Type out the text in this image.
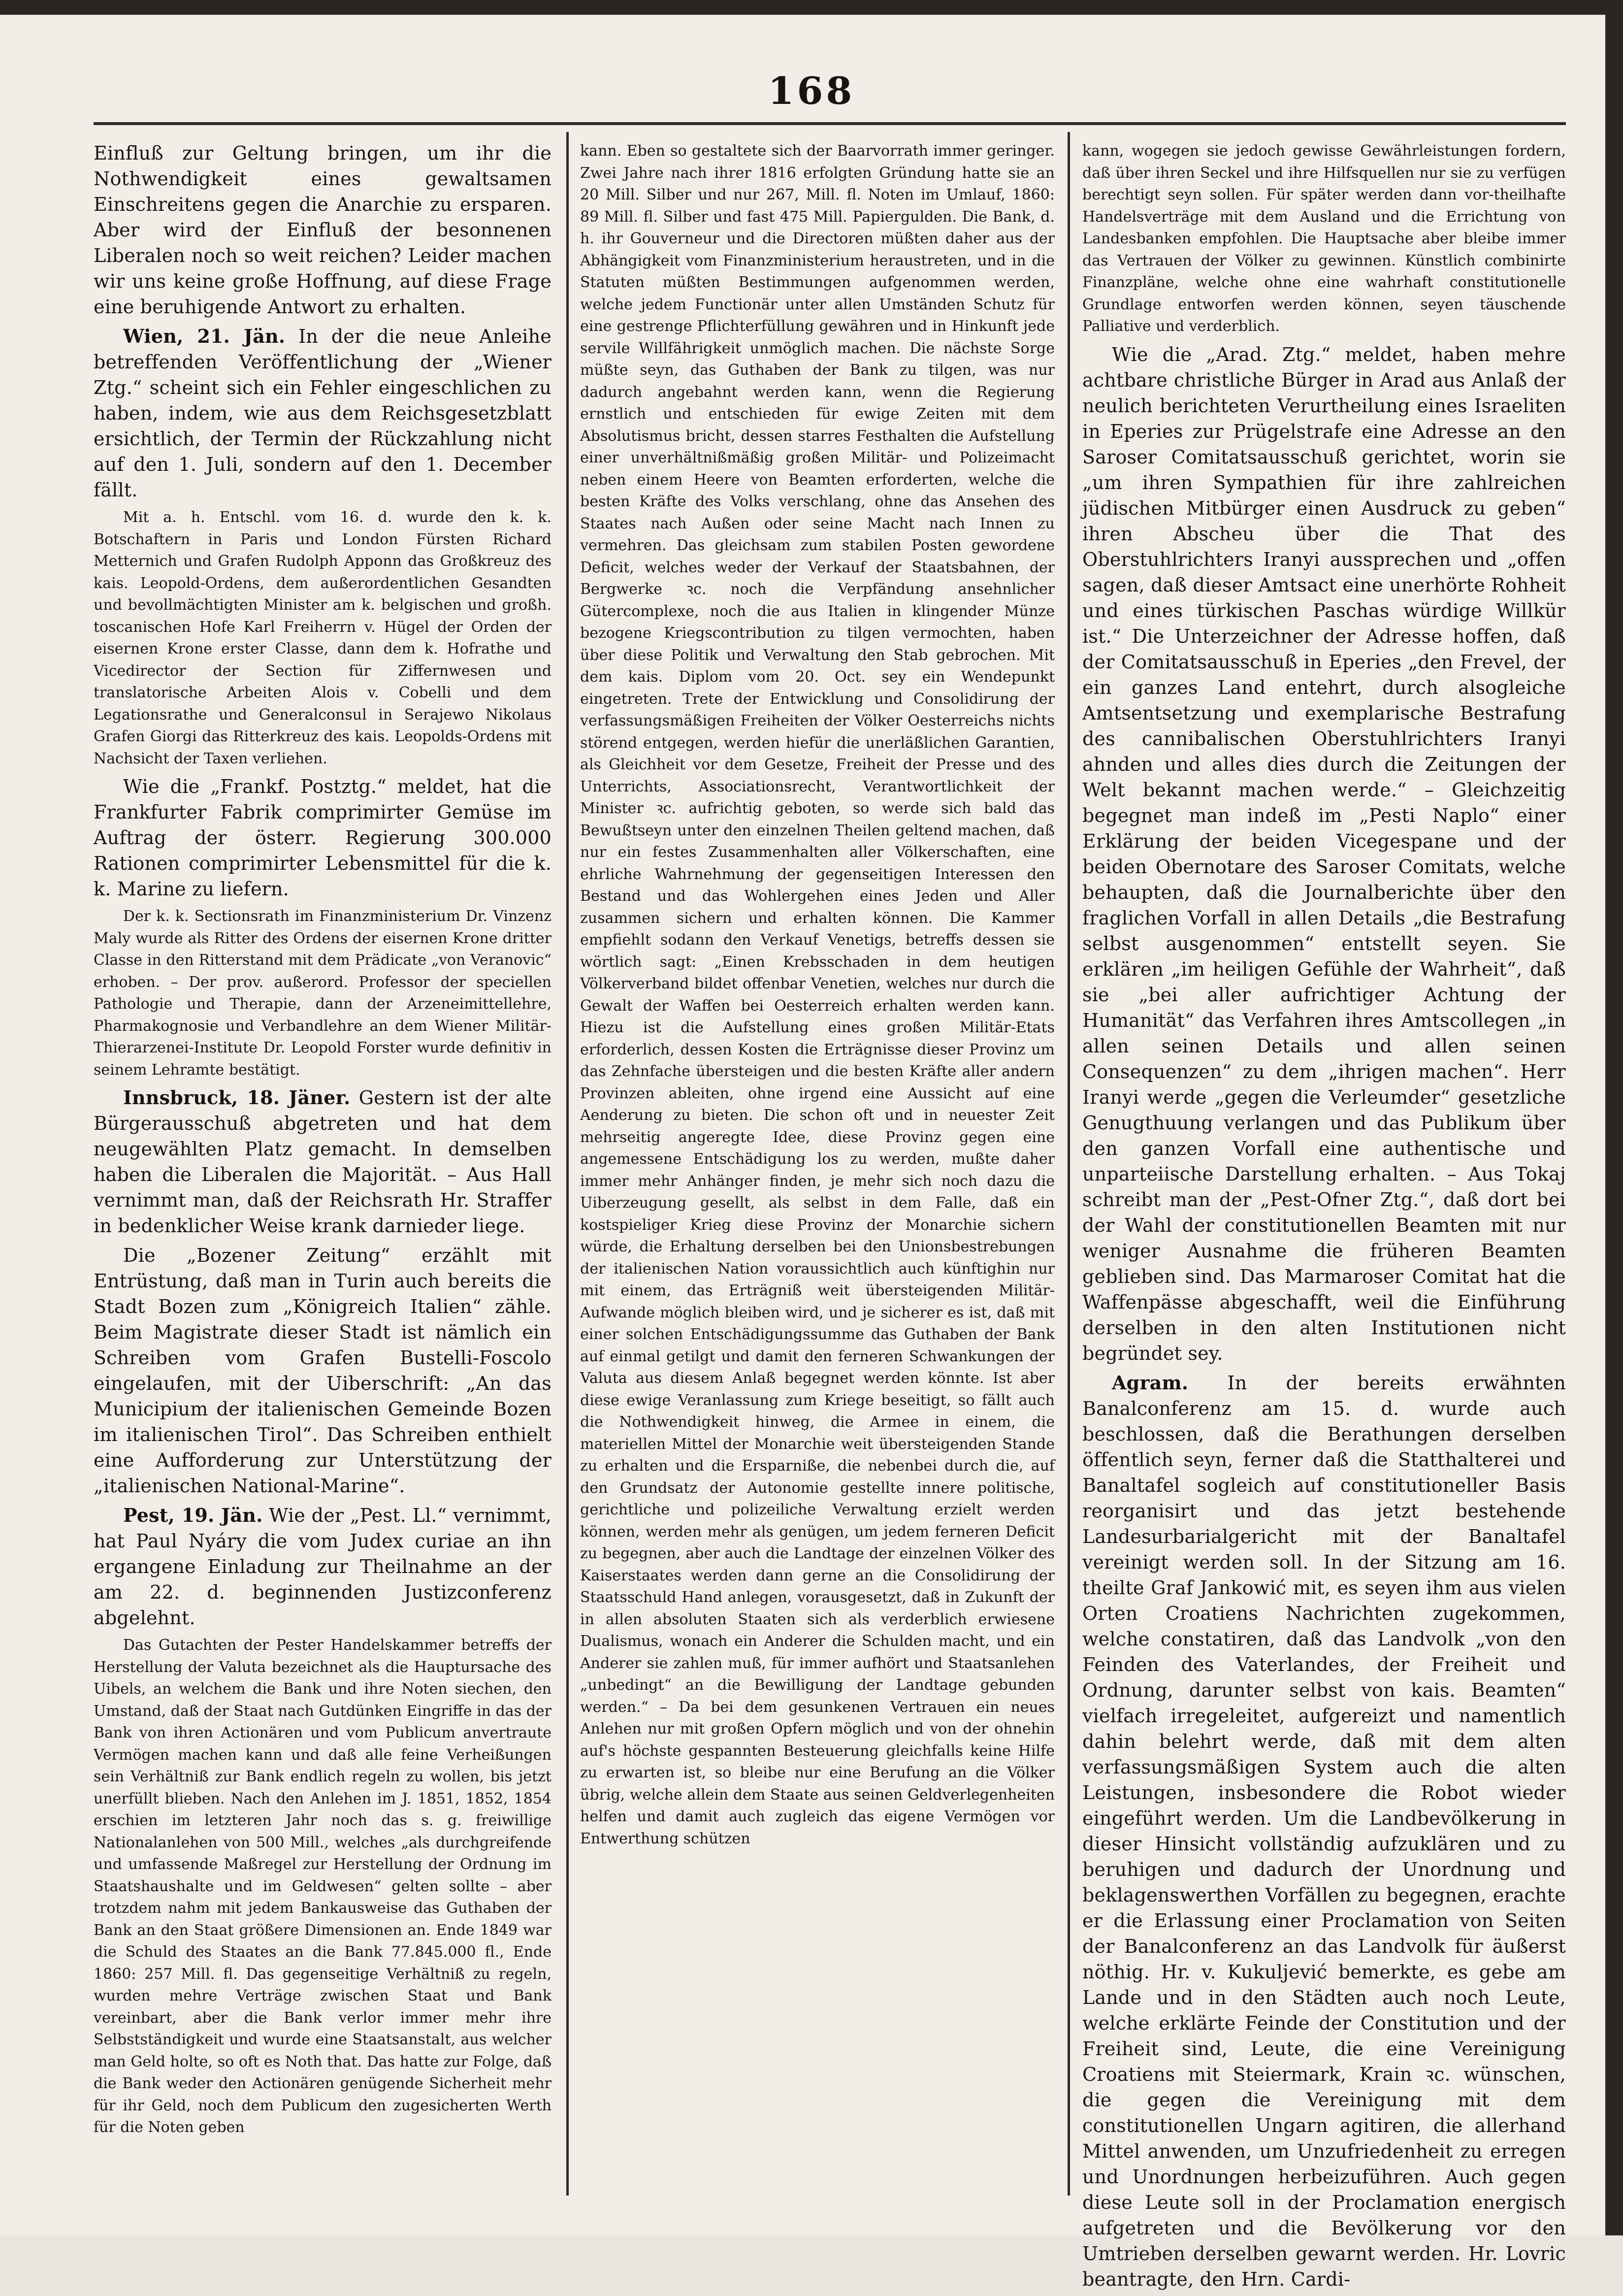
168

Einfluß zur Geltung bringen, um ihr die Nothwendigkeit eines gewaltsamen Einschreitens gegen die Anarchie zu ersparen. Aber wird der Einfluß der besonnenen Liberalen noch so weit reichen? Leider machen wir uns keine große Hoffnung, auf diese Frage eine beruhigende Antwort zu erhalten.

Wien, 21. Jän. In der die neue Anleihe betreffenden Veröffentlichung der „Wiener Ztg.“ scheint sich ein Fehler eingeschlichen zu haben, indem, wie aus dem Reichsgesetzblatt ersichtlich, der Termin der Rückzahlung nicht auf den 1. Juli, sondern auf den 1. December fällt.

Mit a. h. Entschl. vom 16. d. wurde den k. k. Botschaftern in Paris und London Fürsten Richard Metternich und Grafen Rudolph Apponn das Großkreuz des kais. Leopold-Ordens, dem außerordentlichen Gesandten und bevollmächtigten Minister am k. belgischen und großh. toscanischen Hofe Karl Freiherrn v. Hügel der Orden der eisernen Krone erster Classe, dann dem k. Hofrathe und Vicedirector der Section für Ziffernwesen und translatorische Arbeiten Alois v. Cobelli und dem Legationsrathe und Generalconsul in Serajewo Nikolaus Grafen Giorgi das Ritterkreuz des kais. Leopolds-Ordens mit Nachsicht der Taxen verliehen.

Wie die „Frankf. Postztg.“ meldet, hat die Frankfurter Fabrik comprimirter Gemüse im Auftrag der österr. Regierung 300.000 Rationen comprimirter Lebensmittel für die k. k. Marine zu liefern.

Der k. k. Sectionsrath im Finanzministerium Dr. Vinzenz Maly wurde als Ritter des Ordens der eisernen Krone dritter Classe in den Ritterstand mit dem Prädicate „von Veranovic“ erhoben. – Der prov. außerord. Professor der speciellen Pathologie und Therapie, dann der Arzeneimittellehre, Pharmakognosie und Verbandlehre an dem Wiener Militär-Thierarzenei-Institute Dr. Leopold Forster wurde definitiv in seinem Lehramte bestätigt.

Innsbruck, 18. Jäner. Gestern ist der alte Bürgerausschuß abgetreten und hat dem neugewählten Platz gemacht. In demselben haben die Liberalen die Majorität. – Aus Hall vernimmt man, daß der Reichsrath Hr. Straffer in bedenklicher Weise krank darnieder liege.

Die „Bozener Zeitung“ erzählt mit Entrüstung, daß man in Turin auch bereits die Stadt Bozen zum „Königreich Italien“ zähle. Beim Magistrate dieser Stadt ist nämlich ein Schreiben vom Grafen Bustelli-Foscolo eingelaufen, mit der Uiberschrift: „An das Municipium der italienischen Gemeinde Bozen im italienischen Tirol“. Das Schreiben enthielt eine Aufforderung zur Unterstützung der „italienischen National-Marine“.

Pest, 19. Jän. Wie der „Pest. Ll.“ vernimmt, hat Paul Nyáry die vom Judex curiae an ihn ergangene Einladung zur Theilnahme an der am 22. d. beginnenden Justizconferenz abgelehnt.

Das Gutachten der Pester Handelskammer betreffs der Herstellung der Valuta bezeichnet als die Hauptursache des Uibels, an welchem die Bank und ihre Noten siechen, den Umstand, daß der Staat nach Gutdünken Eingriffe in das der Bank von ihren Actionären und vom Publicum anvertraute Vermögen machen kann und daß alle feine Verheißungen sein Verhältniß zur Bank endlich regeln zu wollen, bis jetzt unerfüllt blieben. Nach den Anlehen im J. 1851, 1852, 1854 erschien im letzteren Jahr noch das s. g. freiwillige Nationalanlehen von 500 Mill., welches „als durchgreifende und umfassende Maßregel zur Herstellung der Ordnung im Staatshaushalte und im Geldwesen“ gelten sollte – aber trotzdem nahm mit jedem Bankausweise das Guthaben der Bank an den Staat größere Dimensionen an. Ende 1849 war die Schuld des Staates an die Bank 77.845.000 fl., Ende 1860: 257 Mill. fl. Das gegenseitige Verhältniß zu regeln, wurden mehre Verträge zwischen Staat und Bank vereinbart, aber die Bank verlor immer mehr ihre Selbstständigkeit und wurde eine Staatsanstalt, aus welcher man Geld holte, so oft es Noth that. Das hatte zur Folge, daß die Bank weder den Actionären genügende Sicherheit mehr für ihr Geld, noch dem Publicum den zugesicherten Werth für die Noten geben

kann. Eben so gestaltete sich der Baarvorrath immer geringer. Zwei Jahre nach ihrer 1816 erfolgten Gründung hatte sie an 20 Mill. Silber und nur 267, Mill. fl. Noten im Umlauf, 1860: 89 Mill. fl. Silber und fast 475 Mill. Papiergulden. Die Bank, d. h. ihr Gouverneur und die Directoren müßten daher aus der Abhängigkeit vom Finanzministerium heraustreten, und in die Statuten müßten Bestimmungen aufgenommen werden, welche jedem Functionär unter allen Umständen Schutz für eine gestrenge Pflichterfüllung gewähren und in Hinkunft jede servile Willfährigkeit unmöglich machen. Die nächste Sorge müßte seyn, das Guthaben der Bank zu tilgen, was nur dadurch angebahnt werden kann, wenn die Regierung ernstlich und entschieden für ewige Zeiten mit dem Absolutismus bricht, dessen starres Festhalten die Aufstellung einer unverhältnißmäßig großen Militär- und Polizeimacht neben einem Heere von Beamten erforderten, welche die besten Kräfte des Volks verschlang, ohne das Ansehen des Staates nach Außen oder seine Macht nach Innen zu vermehren. Das gleichsam zum stabilen Posten gewordene Deficit, welches weder der Verkauf der Staatsbahnen, der Bergwerke ꝛc. noch die Verpfändung ansehnlicher Gütercomplexe, noch die aus Italien in klingender Münze bezogene Kriegscontribution zu tilgen vermochten, haben über diese Politik und Verwaltung den Stab gebrochen. Mit dem kais. Diplom vom 20. Oct. sey ein Wendepunkt eingetreten. Trete der Entwicklung und Consolidirung der verfassungsmäßigen Freiheiten der Völker Oesterreichs nichts störend entgegen, werden hiefür die unerläßlichen Garantien, als Gleichheit vor dem Gesetze, Freiheit der Presse und des Unterrichts, Associationsrecht, Verantwortlichkeit der Minister ꝛc. aufrichtig geboten, so werde sich bald das Bewußtseyn unter den einzelnen Theilen geltend machen, daß nur ein festes Zusammenhalten aller Völkerschaften, eine ehrliche Wahrnehmung der gegenseitigen Interessen den Bestand und das Wohlergehen eines Jeden und Aller zusammen sichern und erhalten können. Die Kammer empfiehlt sodann den Verkauf Venetigs, betreffs dessen sie wörtlich sagt: „Einen Krebsschaden in dem heutigen Völkerverband bildet offenbar Venetien, welches nur durch die Gewalt der Waffen bei Oesterreich erhalten werden kann. Hiezu ist die Aufstellung eines großen Militär-Etats erforderlich, dessen Kosten die Erträgnisse dieser Provinz um das Zehnfache übersteigen und die besten Kräfte aller andern Provinzen ableiten, ohne irgend eine Aussicht auf eine Aenderung zu bieten. Die schon oft und in neuester Zeit mehrseitig angeregte Idee, diese Provinz gegen eine angemessene Entschädigung los zu werden, mußte daher immer mehr Anhänger finden, je mehr sich noch dazu die Uiberzeugung gesellt, als selbst in dem Falle, daß ein kostspieliger Krieg diese Provinz der Monarchie sichern würde, die Erhaltung derselben bei den Unionsbestrebungen der italienischen Nation voraussichtlich auch künftighin nur mit einem, das Erträgniß weit übersteigenden Militär-Aufwande möglich bleiben wird, und je sicherer es ist, daß mit einer solchen Entschädigungssumme das Guthaben der Bank auf einmal getilgt und damit den ferneren Schwankungen der Valuta aus diesem Anlaß begegnet werden könnte. Ist aber diese ewige Veranlassung zum Kriege beseitigt, so fällt auch die Nothwendigkeit hinweg, die Armee in einem, die materiellen Mittel der Monarchie weit übersteigenden Stande zu erhalten und die Ersparniße, die nebenbei durch die, auf den Grundsatz der Autonomie gestellte innere politische, gerichtliche und polizeiliche Verwaltung erzielt werden können, werden mehr als genügen, um jedem ferneren Deficit zu begegnen, aber auch die Landtage der einzelnen Völker des Kaiserstaates werden dann gerne an die Consolidirung der Staatsschuld Hand anlegen, vorausgesetzt, daß in Zukunft der in allen absoluten Staaten sich als verderblich erwiesene Dualismus, wonach ein Anderer die Schulden macht, und ein Anderer sie zahlen muß, für immer aufhört und Staatsanlehen „unbedingt“ an die Bewilligung der Landtage gebunden werden.“ – Da bei dem gesunkenen Vertrauen ein neues Anlehen nur mit großen Opfern möglich und von der ohnehin auf's höchste gespannten Besteuerung gleichfalls keine Hilfe zu erwarten ist, so bleibe nur eine Berufung an die Völker übrig, welche allein dem Staate aus seinen Geldverlegenheiten helfen und damit auch zugleich das eigene Vermögen vor Entwerthung schützen

kann, wogegen sie jedoch gewisse Gewährleistungen fordern, daß über ihren Seckel und ihre Hilfsquellen nur sie zu verfügen berechtigt seyn sollen. Für später werden dann vor-theilhafte Handelsverträge mit dem Ausland und die Errichtung von Landesbanken empfohlen. Die Hauptsache aber bleibe immer das Vertrauen der Völker zu gewinnen. Künstlich combinirte Finanzpläne, welche ohne eine wahrhaft constitutionelle Grundlage entworfen werden können, seyen täuschende Palliative und verderblich.

Wie die „Arad. Ztg.“ meldet, haben mehre achtbare christliche Bürger in Arad aus Anlaß der neulich berichteten Verurtheilung eines Israeliten in Eperies zur Prügelstrafe eine Adresse an den Saroser Comitatsausschuß gerichtet, worin sie „um ihren Sympathien für ihre zahlreichen jüdischen Mitbürger einen Ausdruck zu geben“ ihren Abscheu über die That des Oberstuhlrichters Iranyi aussprechen und „offen sagen, daß dieser Amtsact eine unerhörte Rohheit und eines türkischen Paschas würdige Willkür ist.“ Die Unterzeichner der Adresse hoffen, daß der Comitatsausschuß in Eperies „den Frevel, der ein ganzes Land entehrt, durch alsogleiche Amtsentsetzung und exemplarische Bestrafung des cannibalischen Oberstuhlrichters Iranyi ahnden und alles dies durch die Zeitungen der Welt bekannt machen werde.“ – Gleichzeitig begegnet man indeß im „Pesti Naplo“ einer Erklärung der beiden Vicegespane und der beiden Obernotare des Saroser Comitats, welche behaupten, daß die Journalberichte über den fraglichen Vorfall in allen Details „die Bestrafung selbst ausgenommen“ entstellt seyen. Sie erklären „im heiligen Gefühle der Wahrheit“, daß sie „bei aller aufrichtiger Achtung der Humanität“ das Verfahren ihres Amtscollegen „in allen seinen Details und allen seinen Consequenzen“ zu dem „ihrigen machen“. Herr Iranyi werde „gegen die Verleumder“ gesetzliche Genugthuung verlangen und das Publikum über den ganzen Vorfall eine authentische und unparteiische Darstellung erhalten. – Aus Tokaj schreibt man der „Pest-Ofner Ztg.“, daß dort bei der Wahl der constitutionellen Beamten mit nur weniger Ausnahme die früheren Beamten geblieben sind. Das Marmaroser Comitat hat die Waffenpässe abgeschafft, weil die Einführung derselben in den alten Institutionen nicht begründet sey.

Agram. In der bereits erwähnten Banalconferenz am 15. d. wurde auch beschlossen, daß die Berathungen derselben öffentlich seyn, ferner daß die Statthalterei und Banaltafel sogleich auf constitutioneller Basis reorganisirt und das jetzt bestehende Landesurbarialgericht mit der Banaltafel vereinigt werden soll. In der Sitzung am 16. theilte Graf Jankowić mit, es seyen ihm aus vielen Orten Croatiens Nachrichten zugekommen, welche constatiren, daß das Landvolk „von den Feinden des Vaterlandes, der Freiheit und Ordnung, darunter selbst von kais. Beamten“ vielfach irregeleitet, aufgereizt und namentlich dahin belehrt werde, daß mit dem alten verfassungsmäßigen System auch die alten Leistungen, insbesondere die Robot wieder eingeführt werden. Um die Landbevölkerung in dieser Hinsicht vollständig aufzuklären und zu beruhigen und dadurch der Unordnung und beklagenswerthen Vorfällen zu begegnen, erachte er die Erlassung einer Proclamation von Seiten der Banalconferenz an das Landvolk für äußerst nöthig. Hr. v. Kukuljević bemerkte, es gebe am Lande und in den Städten auch noch Leute, welche erklärte Feinde der Constitution und der Freiheit sind, Leute, die eine Vereinigung Croatiens mit Steiermark, Krain ꝛc. wünschen, die gegen die Vereinigung mit dem constitutionellen Ungarn agitiren, die allerhand Mittel anwenden, um Unzufriedenheit zu erregen und Unordnungen herbeizuführen. Auch gegen diese Leute soll in der Proclamation energisch aufgetreten und die Bevölkerung vor den Umtrieben derselben gewarnt werden. Hr. Lovric beantragte, den Hrn. Cardi-
